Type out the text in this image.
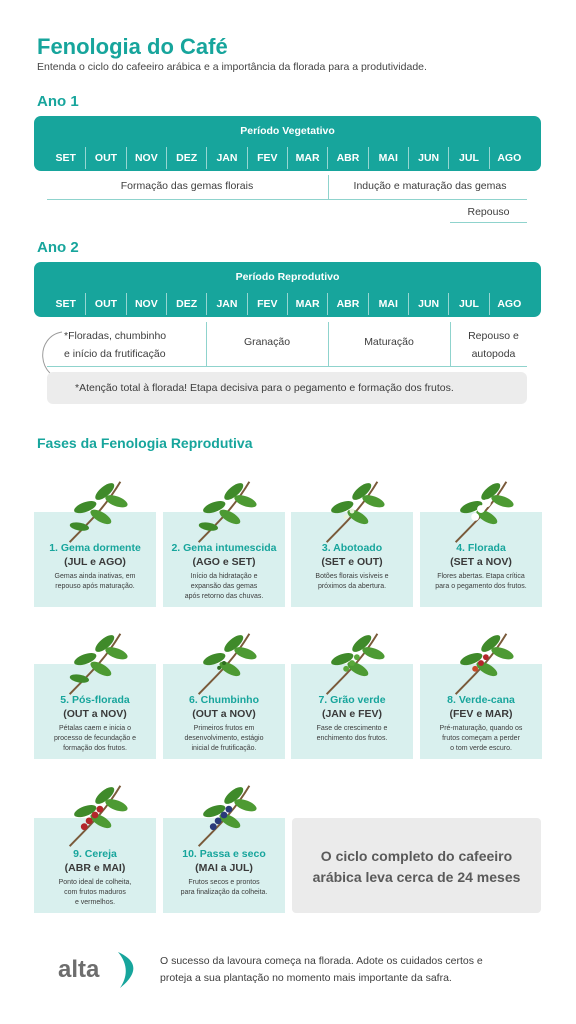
Fenologia do Café
Entenda o ciclo do cafeeiro arábica e a importância da florada para a produtividade.
Ano 1
Período Vegetativo
SET	OUT	NOV	DEZ	JAN	FEV	MAR	ABR	MAI	JUN	JUL	AGO
Formação das gemas florais	Indução e maturação das gemas
Repouso
Ano 2
Período Reprodutivo
SET	OUT	NOV	DEZ	JAN	FEV	MAR	ABR	MAI	JUN	JUL	AGO
*Floradas, chumbinho
e início da frutificação
Granação	Maturação	Repouso e
autopoda
*Atenção total à florada! Etapa decisiva para o pegamento e formação dos frutos.
Fases da Fenologia Reprodutiva
1. Gema dormente
(JUL e AGO)
Gemas ainda inativas, em
repouso após maturação.
2. Gema intumescida
(AGO e SET)
Início da hidratação e
expansão das gemas
após retorno das chuvas.
3. Abotoado
(SET e OUT)
Botões florais visíveis e
próximos da abertura.
4. Florada
(SET a NOV)
Flores abertas. Etapa crítica
para o pegamento dos frutos.
5. Pós-florada
(OUT a NOV)
Pétalas caem e inicia o
processo de fecundação e
formação dos frutos.
6. Chumbinho
(OUT a NOV)
Primeiros frutos em
desenvolvimento, estágio
inicial de frutificação.
7. Grão verde
(JAN e FEV)
Fase de crescimento e
enchimento dos frutos.
8. Verde-cana
(FEV e MAR)
Pré-maturação, quando os
frutos começam a perder
o tom verde escuro.
9. Cereja
(ABR e MAI)
Ponto ideal de colheita,
com frutos maduros
e vermelhos.
10. Passa e seco
(MAI a JUL)
Frutos secos e prontos
para finalização da colheita.
O ciclo completo do cafeeiro
arábica leva cerca de 24 meses
alta	O sucesso da lavoura começa na florada. Adote os cuidados certos e
proteja a sua plantação no momento mais importante da safra.
